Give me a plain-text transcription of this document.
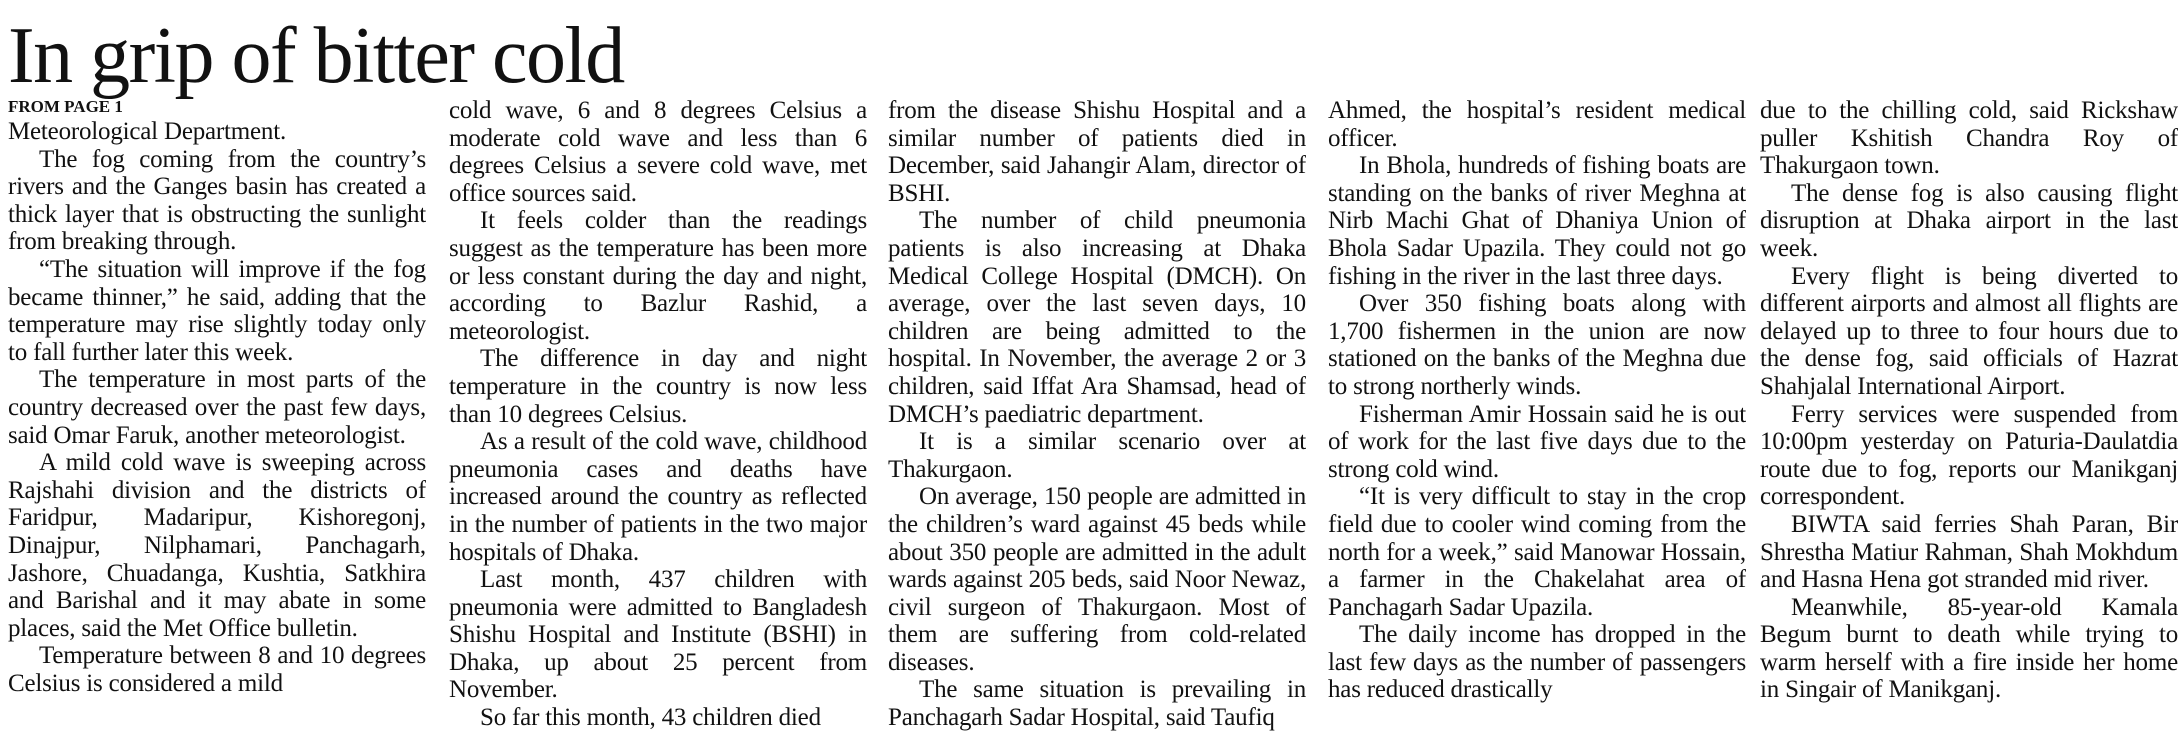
In grip of bitter cold

FROM PAGE 1

Meteorological Department.

The fog coming from the country’s rivers and the Ganges basin has created a thick layer that is obstructing the sunlight from breaking through.

“The situation will improve if the fog became thinner,” he said, adding that the temperature may rise slightly today only to fall further later this week.

The temperature in most parts of the country decreased over the past few days, said Omar Faruk, another meteorologist.

A mild cold wave is sweeping across Rajshahi division and the districts of Faridpur, Madaripur, Kishoregonj, Dinajpur, Nilphamari, Panchagarh, Jashore, Chuadanga, Kushtia, Satkhira and Barishal and it may abate in some places, said the Met Office bulletin.

Temperature between 8 and 10 degrees Celsius is considered a mild

cold wave, 6 and 8 degrees Celsius a moderate cold wave and less than 6 degrees Celsius a severe cold wave, met office sources said.

It feels colder than the readings suggest as the temperature has been more or less constant during the day and night, according to Bazlur Rashid, a meteorologist.

The difference in day and night temperature in the country is now less than 10 degrees Celsius.

As a result of the cold wave, childhood pneumonia cases and deaths have increased around the country as reflected in the number of patients in the two major hospitals of Dhaka.

Last month, 437 children with pneumonia were admitted to Bangladesh Shishu Hospital and Institute (BSHI) in Dhaka, up about 25 percent from November.

So far this month, 43 children died

from the disease Shishu Hospital and a similar number of patients died in December, said Jahangir Alam, director of BSHI.

The number of child pneumonia patients is also increasing at Dhaka Medical College Hospital (DMCH). On average, over the last seven days, 10 children are being admitted to the hospital. In November, the average 2 or 3 children, said Iffat Ara Shamsad, head of DMCH’s paediatric department.

It is a similar scenario over at Thakurgaon.

On average, 150 people are admitted in the children’s ward against 45 beds while about 350 people are admitted in the adult wards against 205 beds, said Noor Newaz, civil surgeon of Thakurgaon. Most of them are suffering from cold-related diseases.

The same situation is prevailing in Panchagarh Sadar Hospital, said Taufiq

Ahmed, the hospital’s resident medical officer.

In Bhola, hundreds of fishing boats are standing on the banks of river Meghna at Nirb Machi Ghat of Dhaniya Union of Bhola Sadar Upazila. They could not go fishing in the river in the last three days.

Over 350 fishing boats along with 1,700 fishermen in the union are now stationed on the banks of the Meghna due to strong northerly winds.

Fisherman Amir Hossain said he is out of work for the last five days due to the strong cold wind.

“It is very difficult to stay in the crop field due to cooler wind coming from the north for a week,” said Manowar Hossain, a farmer in the Chakelahat area of Panchagarh Sadar Upazila.

The daily income has dropped in the last few days as the number of passengers has reduced drastically

due to the chilling cold, said Rickshaw puller Kshitish Chandra Roy of Thakurgaon town.

The dense fog is also causing flight disruption at Dhaka airport in the last week.

Every flight is being diverted to different airports and almost all flights are delayed up to three to four hours due to the dense fog, said officials of Hazrat Shahjalal International Airport.

Ferry services were suspended from 10:00pm yesterday on Paturia-Daulatdia route due to fog, reports our Manikganj correspondent.

BIWTA said ferries Shah Paran, Bir Shrestha Matiur Rahman, Shah Mokhdum and Hasna Hena got stranded mid river.

Meanwhile, 85-year-old Kamala Begum burnt to death while trying to warm herself with a fire inside her home in Singair of Manikganj.
